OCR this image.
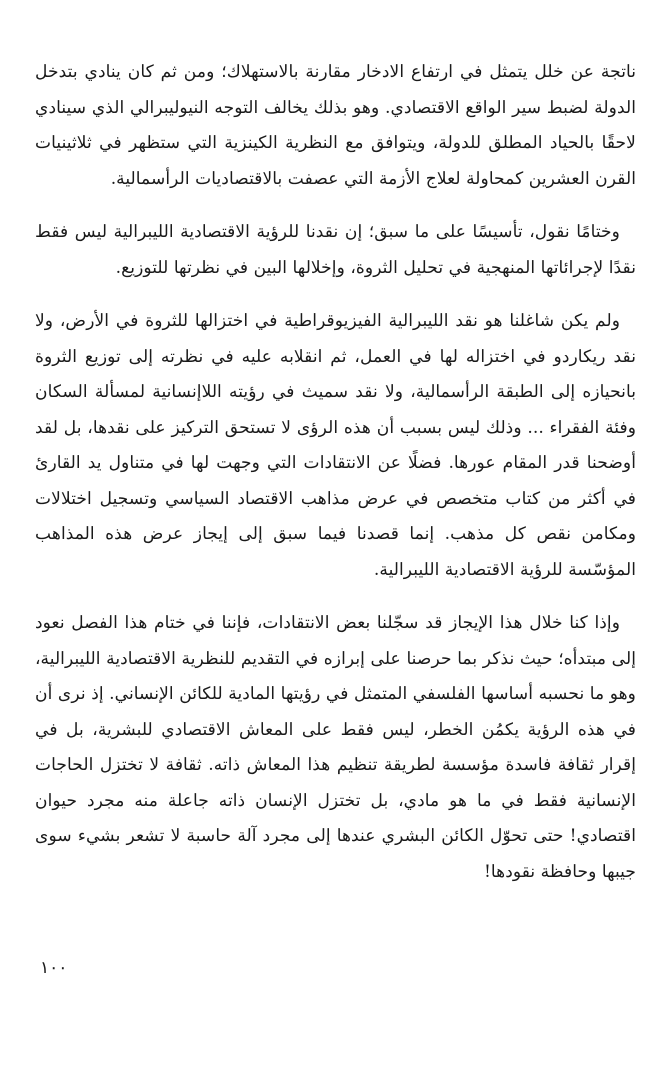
ناتجة عن خلل يتمثل في ارتفاع الادخار مقارنة بالاستهلاك؛ ومن ثم كان ينادي بتدخل الدولة لضبط سير الواقع الاقتصادي. وهو بذلك يخالف التوجه النيوليبرالي الذي سينادي لاحقًا بالحياد المطلق للدولة، ويتوافق مع النظرية الكينزية التي ستظهر في ثلاثينيات القرن العشرين كمحاولة لعلاج الأزمة التي عصفت بالاقتصاديات الرأسمالية.

وختامًا نقول، تأسيسًا على ما سبق؛ إن نقدنا للرؤية الاقتصادية الليبرالية ليس فقط نقدًا لإجرائاتها المنهجية في تحليل الثروة، وإخلالها البين في نظرتها للتوزيع.

ولم يكن شاغلنا هو نقد الليبرالية الفيزيوقراطية في اختزالها للثروة في الأرض، ولا نقد ريكاردو في اختزاله لها في العمل، ثم انقلابه عليه في نظرته إلى توزيع الثروة بانحيازه إلى الطبقة الرأسمالية، ولا نقد سميث في رؤيته اللاإنسانية لمسألة السكان وفئة الفقراء ... وذلك ليس بسبب أن هذه الرؤى لا تستحق التركيز على نقدها، بل لقد أوضحنا قدر المقام عورها. فضلًا عن الانتقادات التي وجهت لها في متناول يد القارئ في أكثر من كتاب متخصص في عرض مذاهب الاقتصاد السياسي وتسجيل اختلالات ومكامن نقص كل مذهب. إنما قصدنا فيما سبق إلى إيجاز عرض هذه المذاهب المؤسّسة للرؤية الاقتصادية الليبرالية.

وإذا كنا خلال هذا الإيجاز قد سجّلنا بعض الانتقادات، فإننا في ختام هذا الفصل نعود إلى مبتدأه؛ حيث نذكر بما حرصنا على إبرازه في التقديم للنظرية الاقتصادية الليبرالية، وهو ما نحسبه أساسها الفلسفي المتمثل في رؤيتها المادية للكائن الإنساني. إذ نرى أن في هذه الرؤية يكمُن الخطر، ليس فقط على المعاش الاقتصادي للبشرية، بل في إقرار ثقافة فاسدة مؤسسة لطريقة تنظيم هذا المعاش ذاته. ثقافة لا تختزل الحاجات الإنسانية فقط في ما هو مادي، بل تختزل الإنسان ذاته جاعلة منه مجرد حيوان اقتصادي! حتى تحوّل الكائن البشري عندها إلى مجرد آلة حاسبة لا تشعر بشيء سوى جيبها وحافظة نقودها!

١٠٠
